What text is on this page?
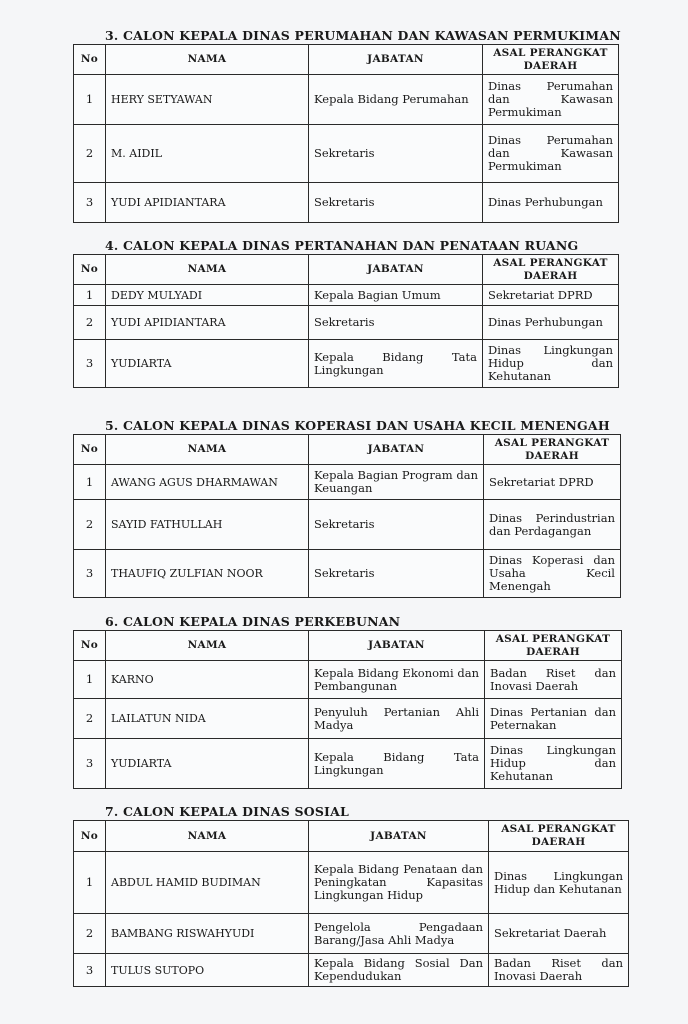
3. CALON KEPALA DINAS PERUMAHAN DAN KAWASAN PERMUKIMAN
No	NAMA	JABATAN	ASAL PERANGKAT DAERAH
1	HERY SETYAWAN	Kepala Bidang Perumahan	Dinas Perumahan dan Kawasan Permukiman
2	M. AIDIL	Sekretaris	Dinas Perumahan dan Kawasan Permukiman
3	YUDI APIDIANTARA	Sekretaris	Dinas Perhubungan
4. CALON KEPALA DINAS PERTANAHAN DAN PENATAAN RUANG
No	NAMA	JABATAN	ASAL PERANGKAT DAERAH
1	DEDY MULYADI	Kepala Bagian Umum	Sekretariat DPRD
2	YUDI APIDIANTARA	Sekretaris	Dinas Perhubungan
3	YUDIARTA	Kepala Bidang Tata Lingkungan	Dinas Lingkungan Hidup dan Kehutanan
5. CALON KEPALA DINAS KOPERASI DAN USAHA KECIL MENENGAH
No	NAMA	JABATAN	ASAL PERANGKAT DAERAH
1	AWANG AGUS DHARMAWAN	Kepala Bagian Program dan Keuangan	Sekretariat DPRD
2	SAYID FATHULLAH	Sekretaris	Dinas Perindustrian dan Perdagangan
3	THAUFIQ ZULFIAN NOOR	Sekretaris	Dinas Koperasi dan Usaha Kecil Menengah
6. CALON KEPALA DINAS PERKEBUNAN
No	NAMA	JABATAN	ASAL PERANGKAT DAERAH
1	KARNO	Kepala Bidang Ekonomi dan Pembangunan	Badan Riset dan Inovasi Daerah
2	LAILATUN NIDA	Penyuluh Pertanian Ahli Madya	Dinas Pertanian dan Peternakan
3	YUDIARTA	Kepala Bidang Tata Lingkungan	Dinas Lingkungan Hidup dan Kehutanan
7. CALON KEPALA DINAS SOSIAL
No	NAMA	JABATAN	ASAL PERANGKAT DAERAH
1	ABDUL HAMID BUDIMAN	Kepala Bidang Penataan dan Peningkatan Kapasitas Lingkungan Hidup	Dinas Lingkungan Hidup dan Kehutanan
2	BAMBANG RISWAHYUDI	Pengelola Pengadaan Barang/Jasa Ahli Madya	Sekretariat Daerah
3	TULUS SUTOPO	Kepala Bidang Sosial Dan Kependudukan	Badan Riset dan Inovasi Daerah
